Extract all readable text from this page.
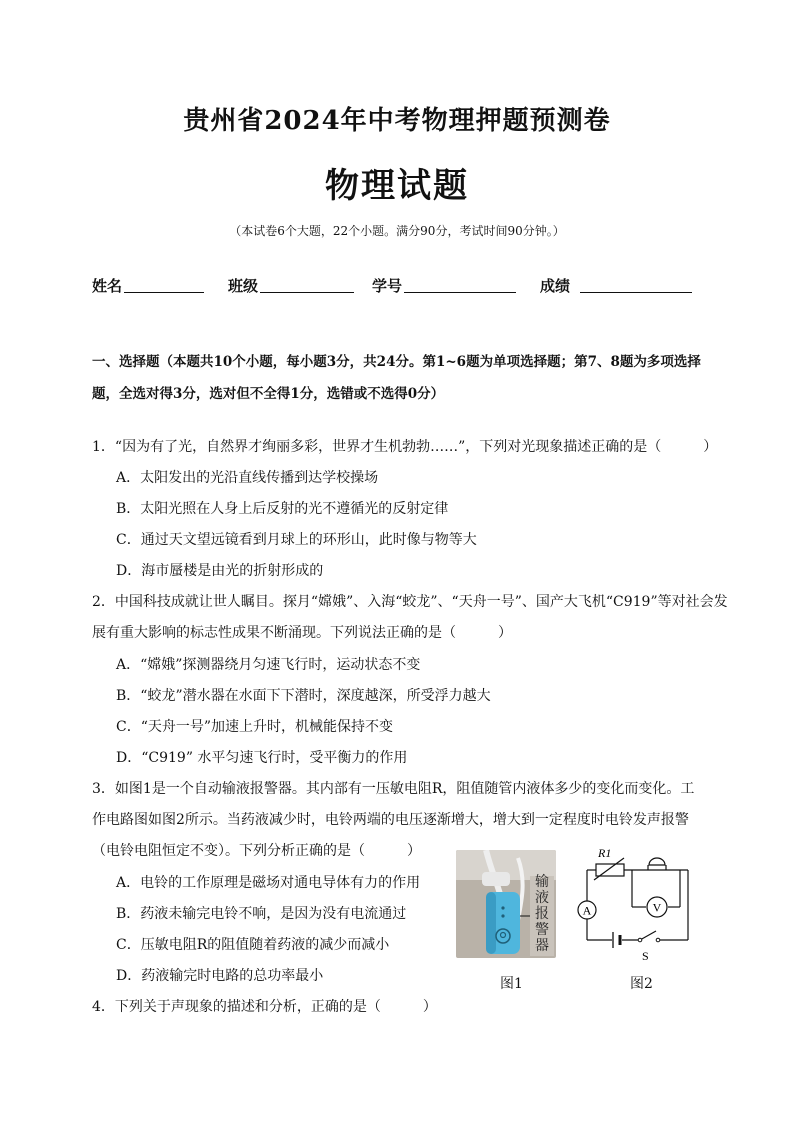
贵州省2024年中考物理押题预测卷
物理试题
（本试卷6个大题，22个小题。满分90分，考试时间90分钟。）
姓名	班级	学号	成绩
一、选择题（本题共10个小题，每小题3分，共24分。第1~6题为单项选择题；第7、8题为多项选择题，全选对得3分，选对但不全得1分，选错或不选得0分）
1．“因为有了光，自然界才绚丽多彩，世界才生机勃勃……”，下列对光现象描述正确的是（　　　）
A．太阳发出的光沿直线传播到达学校操场
B．太阳光照在人身上后反射的光不遵循光的反射定律
C．通过天文望远镜看到月球上的环形山，此时像与物等大
D．海市蜃楼是由光的折射形成的
2．中国科技成就让世人瞩目。探月“嫦娥”、入海“蛟龙”、“天舟一号”、国产大飞机“C919”等对社会发
展有重大影响的标志性成果不断涌现。下列说法正确的是（　　　）
A．“嫦娥”探测器绕月匀速飞行时，运动状态不变
B．“蛟龙”潜水器在水面下下潜时，深度越深，所受浮力越大
C．“天舟一号”加速上升时，机械能保持不变
D．“C919” 水平匀速飞行时，受平衡力的作用
3．如图1是一个自动输液报警器。其内部有一压敏电阻R，阻值随管内液体多少的变化而变化。工
作电路图如图2所示。当药液减少时，电铃两端的电压逐渐增大，增大到一定程度时电铃发声报警
（电铃电阻恒定不变）。下列分析正确的是（　　　）
A．电铃的工作原理是磁场对通电导体有力的作用
B．药液未输完电铃不响，是因为没有电流通过
C．压敏电阻R的阻值随着药液的减少而减小
D．药液输完时电路的总功率最小
4．下列关于声现象的描述和分析，正确的是（　　　）
输
液
报
警
器
图1
A	V
R1
S
图2
